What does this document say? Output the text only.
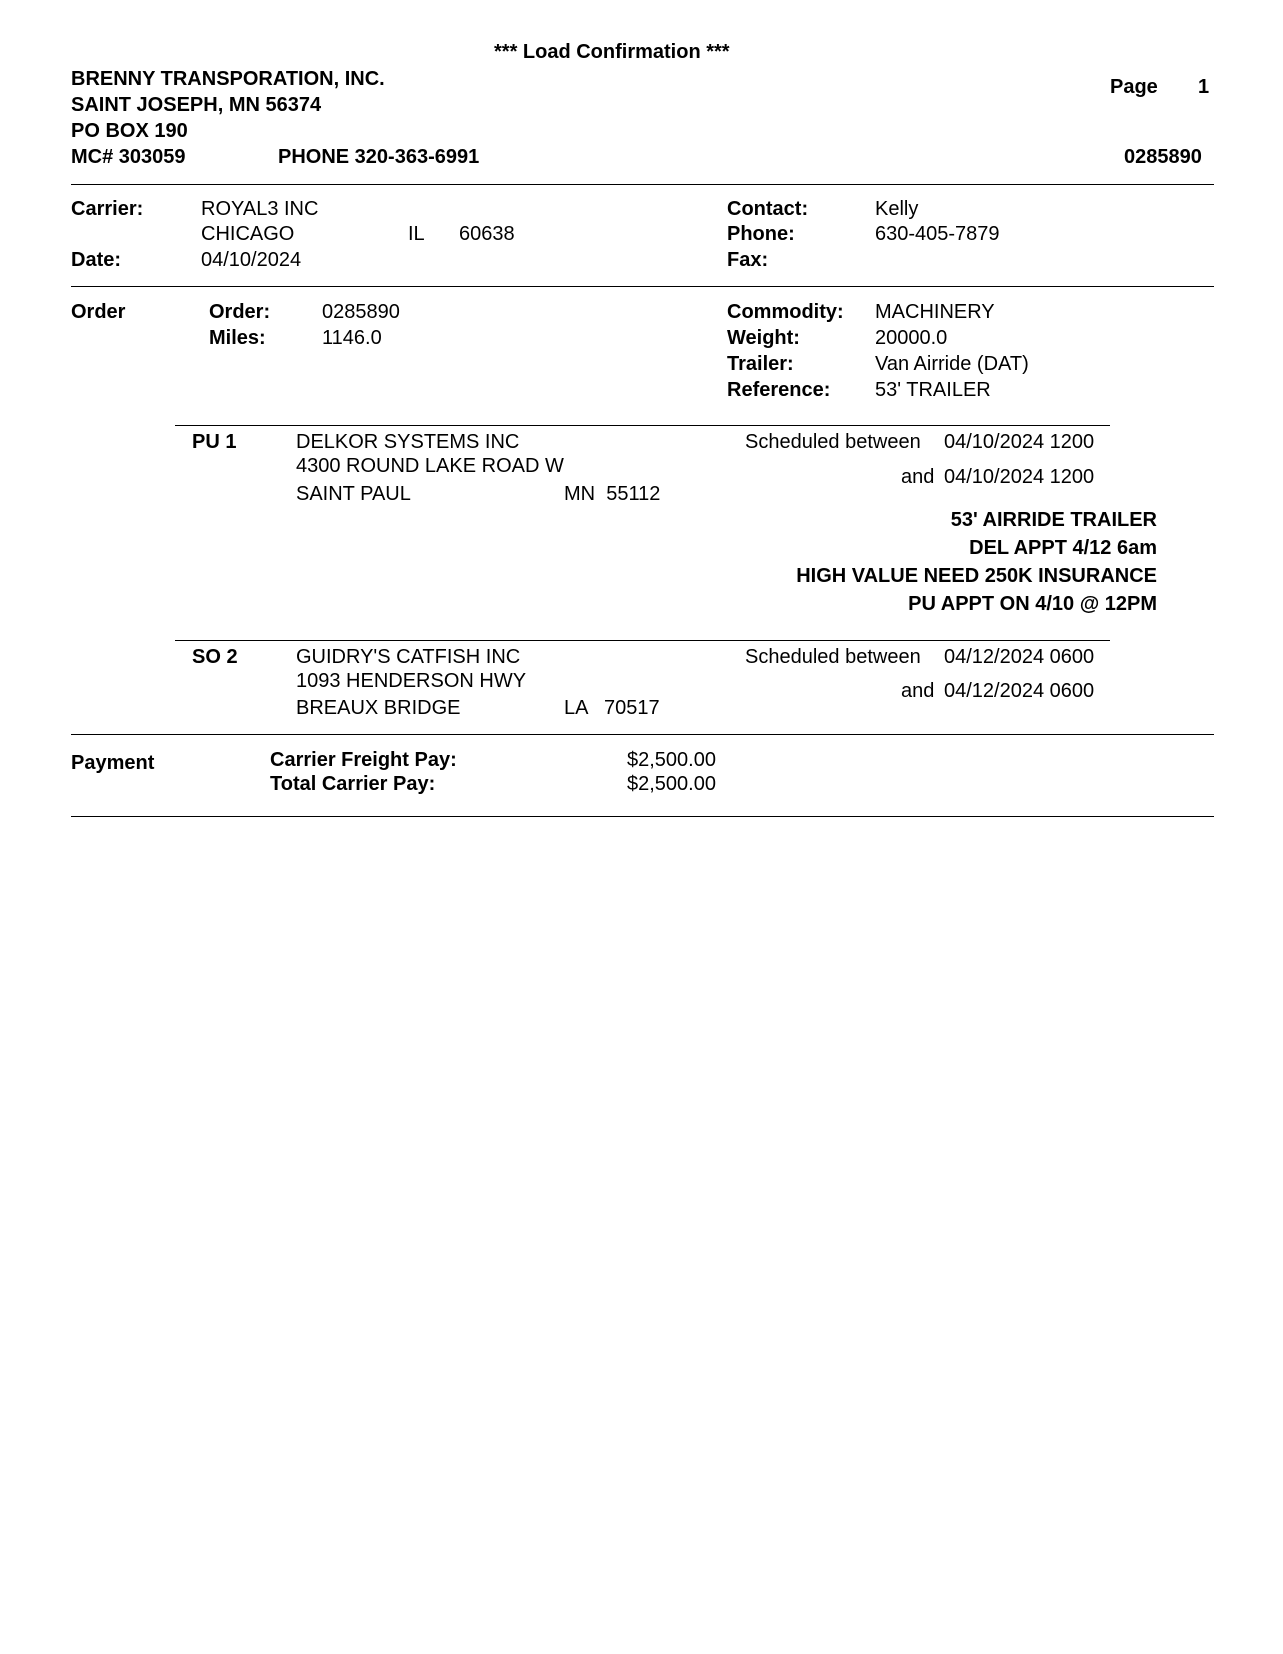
*** Load Confirmation ***
BRENNY TRANSPORATION, INC.
SAINT JOSEPH, MN 56374
PO BOX 190
MC# 303059	PHONE 320-363-6991
Page 1
0285890
Carrier:	ROYAL3 INC
CHICAGO	IL 60638
Date:	04/10/2024
Contact:	Kelly
Phone:	630-405-7879
Fax:
Order	Order:	0285890
Miles:	1146.0
Commodity: MACHINERY
Weight:	20000.0
Trailer:	Van Airride (DAT)
Reference: 53' TRAILER
PU 1	DELKOR SYSTEMS INC
4300 ROUND LAKE ROAD W
SAINT PAUL	MN  55112
Scheduled between 04/10/2024 1200
and 04/10/2024 1200
53' AIRRIDE TRAILER
DEL APPT 4/12 6am
HIGH VALUE NEED 250K INSURANCE
PU APPT ON 4/10 @ 12PM
SO 2	GUIDRY'S CATFISH INC
1093 HENDERSON HWY
BREAUX BRIDGE	LA   70517
Scheduled between 04/12/2024 0600
and 04/12/2024 0600
Payment	Carrier Freight Pay:	$2,500.00
Total Carrier Pay:	$2,500.00
